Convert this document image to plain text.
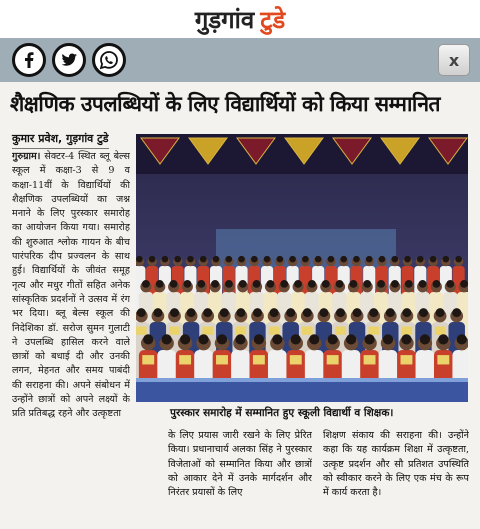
गुड़गांव टुडे
x
शैक्षणिक उपलब्धियों के लिए विद्यार्थियों को किया सम्मानित
कुमार प्रवेश, गुड़गांव टुडे
गुरुग्राम। सेक्टर-4 स्थित ब्लू बेल्स स्कूल में कक्षा-3 से 9 व कक्षा-11वीं के विद्यार्थियों की शैक्षणिक उपलब्धियों का जश्न मनाने के लिए पुरस्कार समारोह का आयोजन किया गया। समारोह की शुरुआत श्लोक गायन के बीच पारंपरिक दीप प्रज्वलन के साथ हुई। विद्यार्थियों के जीवंत समूह नृत्य और मधुर गीतों सहित अनेक सांस्कृतिक प्रदर्शनों ने उत्सव में रंग भर दिया। ब्लू बेल्स स्कूल की निदेशिका डॉ. सरोज सुमन गुलाटी ने उपलब्धि हासिल करने वाले छात्रों को बधाई दी और उनकी लगन, मेहनत और समय पाबंदी की सराहना की। अपने संबोधन में उन्होंने छात्रों को अपने लक्ष्यों के प्रति प्रतिबद्ध रहने और उत्कृष्टता	पुरस्कार समारोह में सम्मानित हुए स्कूली विद्यार्थी व शिक्षक।
के लिए प्रयास जारी रखने के लिए प्रेरित किया। प्रधानाचार्य अलका सिंह ने पुरस्कार विजेताओं को सम्मानित किया और छात्रों को आकार देने में उनके मार्गदर्शन और निरंतर प्रयासों के लिए
शिक्षण संकाय की सराहना की। उन्होंने कहा कि यह कार्यक्रम शिक्षा में उत्कृष्टता, उत्कृष्ट प्रदर्शन और सौ प्रतिशत उपस्थिति को स्वीकार करने के लिए एक मंच के रूप में कार्य करता है।
